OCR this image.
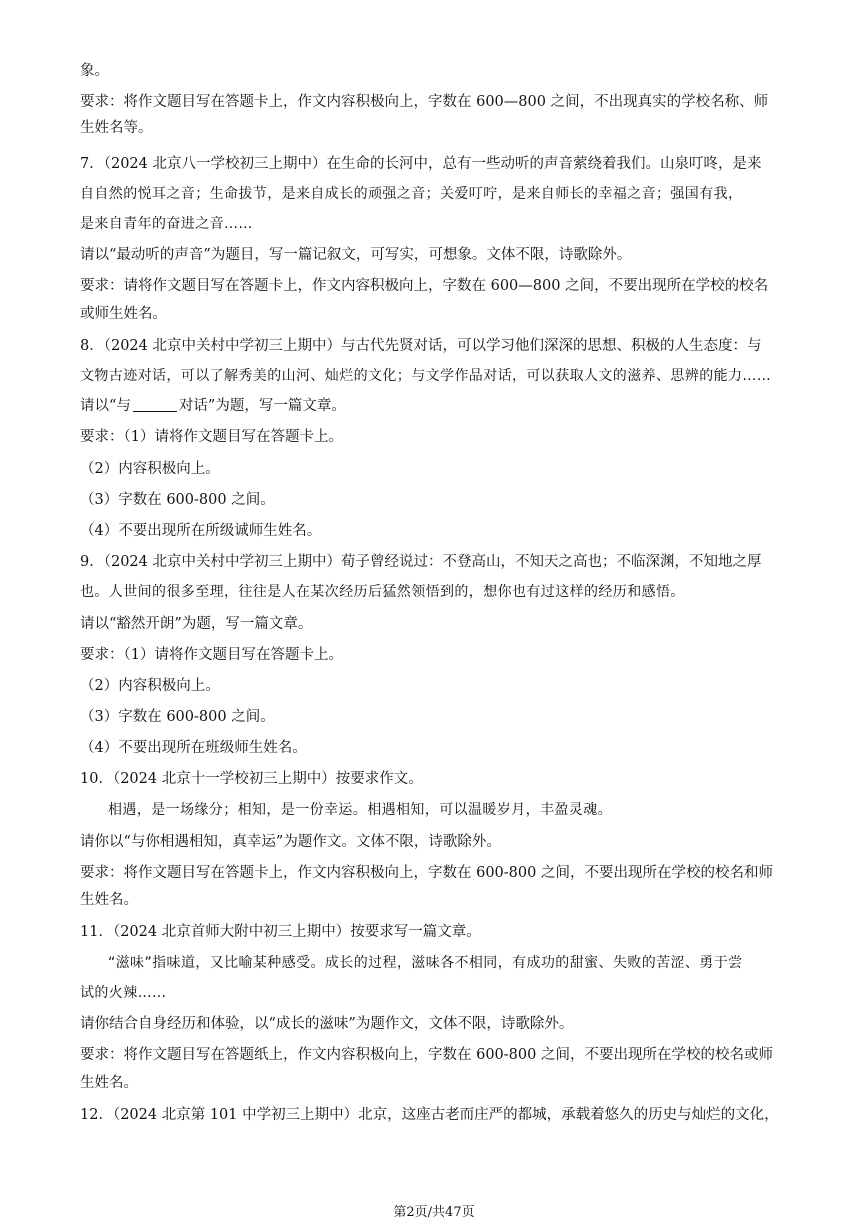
象。

要求：将作文题目写在答题卡上，作文内容积极向上，字数在 600—800 之间，不出现真实的学校名称、师

生姓名等。

7．（2024 北京八一学校初三上期中）在生命的长河中，总有一些动听的声音萦绕着我们。山泉叮咚，是来

自自然的悦耳之音；生命拔节，是来自成长的顽强之音；关爱叮咛，是来自师长的幸福之音；强国有我，

是来自青年的奋进之音……

请以“最动听的声音”为题目，写一篇记叙文，可写实，可想象。文体不限，诗歌除外。

要求：请将作文题目写在答题卡上，作文内容积极向上，字数在 600—800 之间，不要出现所在学校的校名

或师生姓名。

8．（2024 北京中关村中学初三上期中）与古代先贤对话，可以学习他们深深的思想、积极的人生态度：与

文物古迹对话，可以了解秀美的山河、灿烂的文化；与文学作品对话，可以获取人文的滋养、思辨的能力……

请以“与	对话”为题，写一篇文章。

要求：（1）请将作文题目写在答题卡上。

（2）内容积极向上。

（3）字数在 600-800 之间。

（4）不要出现所在所级诚师生姓名。

9．（2024 北京中关村中学初三上期中）荀子曾经说过：不登高山，不知天之高也；不临深渊，不知地之厚

也。人世间的很多至理，往往是人在某次经历后猛然领悟到的，想你也有过这样的经历和感悟。

请以“豁然开朗”为题，写一篇文章。

要求：（1）请将作文题目写在答题卡上。

（2）内容积极向上。

（3）字数在 600-800 之间。

（4）不要出现所在班级师生姓名。

10．（2024 北京十一学校初三上期中）按要求作文。

相遇，是一场缘分；相知，是一份幸运。相遇相知，可以温暖岁月，丰盈灵魂。

请你以“与你相遇相知，真幸运”为题作文。文体不限，诗歌除外。

要求：将作文题目写在答题卡上，作文内容积极向上，字数在 600-800 之间，不要出现所在学校的校名和师

生姓名。

11．（2024 北京首师大附中初三上期中）按要求写一篇文章。

“滋味”指味道，又比喻某种感受。成长的过程，滋味各不相同，有成功的甜蜜、失败的苦涩、勇于尝

试的火辣……

请你结合自身经历和体验，以“成长的滋味”为题作文，文体不限，诗歌除外。

要求：将作文题目写在答题纸上，作文内容积极向上，字数在 600-800 之间，不要出现所在学校的校名或师

生姓名。

12．（2024 北京第 101 中学初三上期中）北京，这座古老而庄严的都城，承载着悠久的历史与灿烂的文化，

第2页/共47页
